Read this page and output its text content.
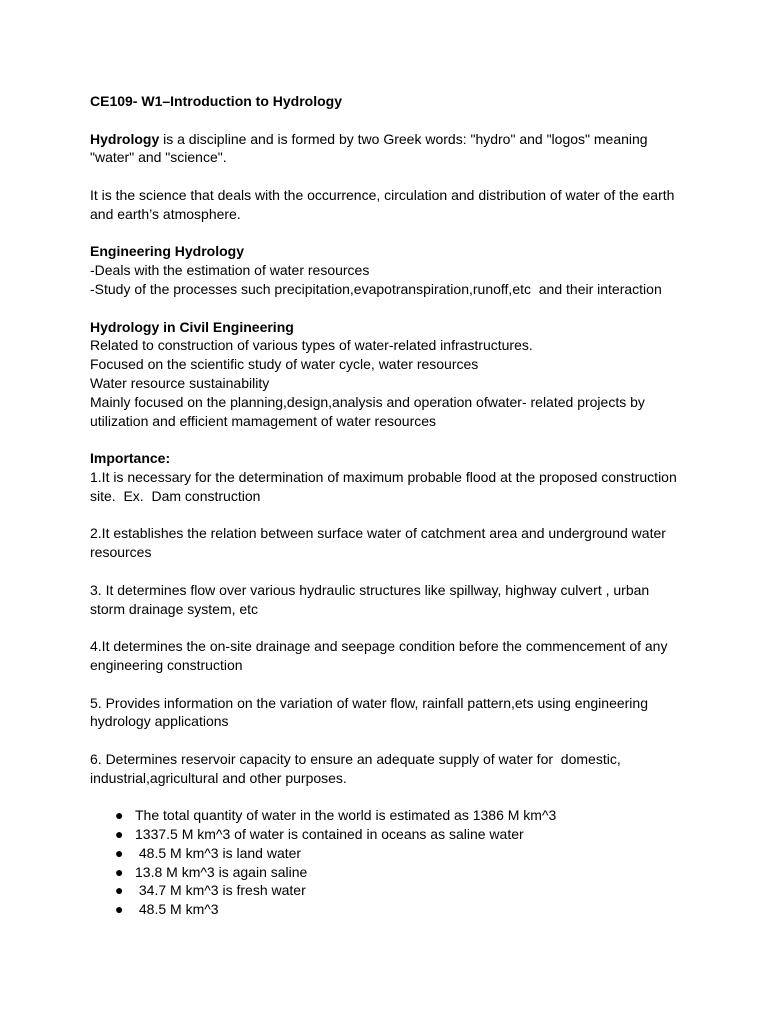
CE109- W1–Introduction to Hydrology
Hydrology is a discipline and is formed by two Greek words: "hydro" and "logos" meaning
"water" and "science".
It is the science that deals with the occurrence, circulation and distribution of water of the earth
and earth’s atmosphere.
Engineering Hydrology
-Deals with the estimation of water resources
-Study of the processes such precipitation,evapotranspiration,runoff,etc  and their interaction
Hydrology in Civil Engineering
Related to construction of various types of water-related infrastructures.
Focused on the scientific study of water cycle, water resources
Water resource sustainability
Mainly focused on the planning,design,analysis and operation ofwater- related projects by
utilization and efficient mamagement of water resources
Importance:
1.It is necessary for the determination of maximum probable flood at the proposed construction
site.  Ex.  Dam construction
2.It establishes the relation between surface water of catchment area and underground water
resources
3. It determines flow over various hydraulic structures like spillway, highway culvert , urban
storm drainage system, etc
4.It determines the on-site drainage and seepage condition before the commencement of any
engineering construction
5. Provides information on the variation of water flow, rainfall pattern,ets using engineering
hydrology applications
6. Determines reservoir capacity to ensure an adequate supply of water for  domestic,
industrial,agricultural and other purposes.
● The total quantity of water in the world is estimated as 1386 M km^3
● 1337.5 M km^3 of water is contained in oceans as saline water
● 48.5 M km^3 is land water
● 13.8 M km^3 is again saline
● 34.7 M km^3 is fresh water
● 48.5 M km^3
